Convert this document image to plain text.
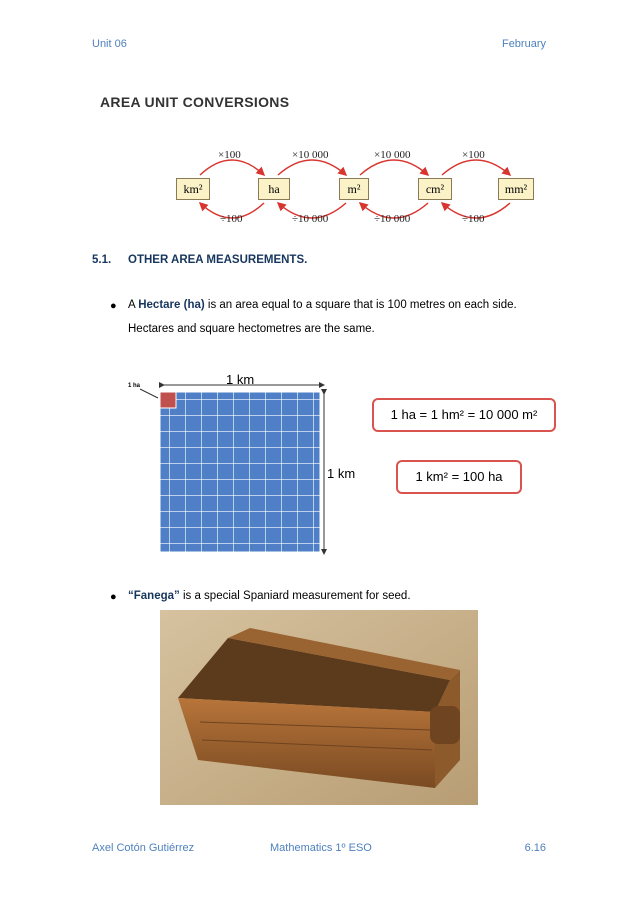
Unit 06	February
AREA UNIT CONVERSIONS
km²	ha	m²	cm²	mm²
×100	×10 000	×10 000	×100
÷100	÷10 000	÷10 000	÷100
5.1. OTHER AREA MEASUREMENTS.
● A Hectare (ha) is an area equal to a square that is 100 metres on each side.
Hectares and square hectometres are the same.
1 ha	1 km
1 km
1 ha = 1 hm² = 10 000 m²
1 km² = 100 ha
● “Fanega” is a special Spaniard measurement for seed.
Axel Cotón Gutiérrez	Mathematics 1º ESO	6.16
